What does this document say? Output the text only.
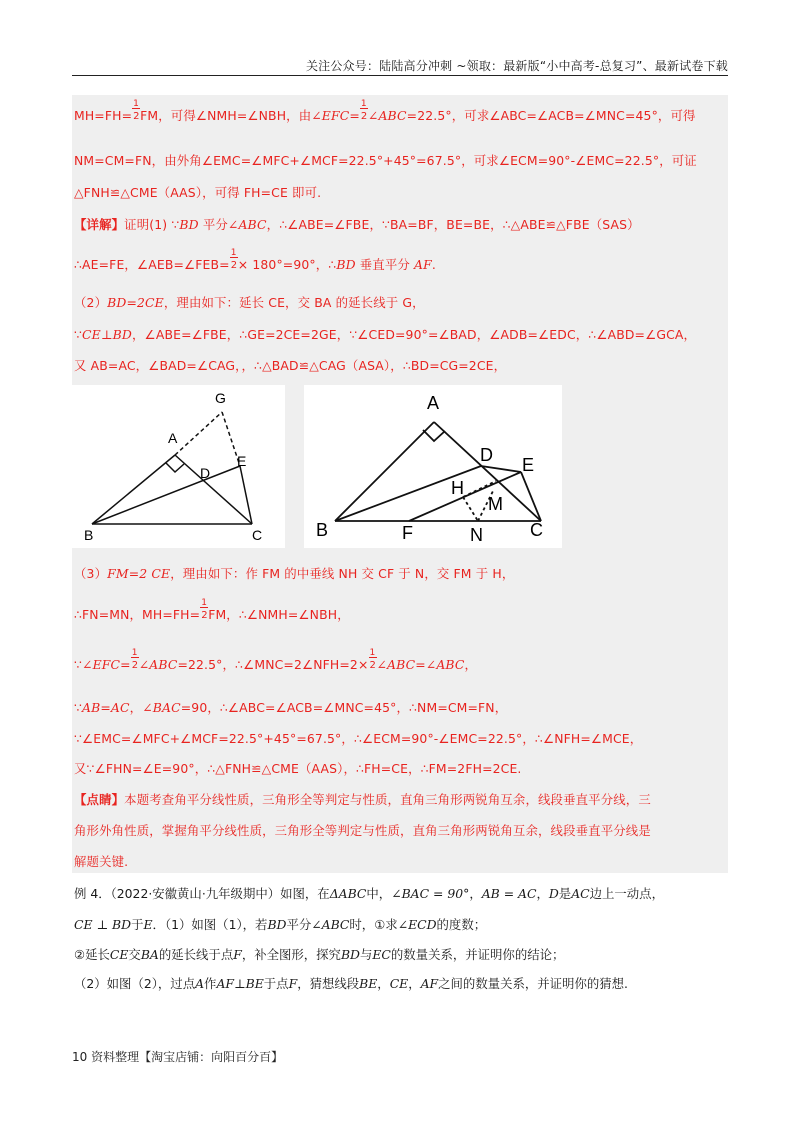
关注公众号：陆陆高分冲刺 ~领取：最新版“小中高考-总复习”、最新试卷下载
MH=FH=
1
2 FM，可得∠NMH=∠NBH，由∠EFC=
1
2 ∠ABC=22.5°，可求∠ABC=∠ACB=∠MNC=45°，可得
NM=CM=FN，由外角∠EMC=∠MFC+∠MCF=22.5°+45°=67.5°，可求∠ECM=90°-∠EMC=22.5°，可证
△FNH≌△CME（AAS），可得 FH=CE 即可.
【详解】证明(1) ∵BD 平分∠ABC，∴∠ABE=∠FBE，∵BA=BF，BE=BE，∴△ABE≌△FBE（SAS）
∴AE=FE，∠AEB=∠FEB=
1
2 × 180°=90°，∴BD 垂直平分 AF.
（2）BD=2CE，理由如下：延长 CE，交 BA 的延长线于 G，
∵CE⊥BD，∠ABE=∠FBE，∴GE=2CE=2GE，∵∠CED=90°=∠BAD，∠ADB=∠EDC，∴∠ABD=∠GCA，
又 AB=AC，∠BAD=∠CAG，，∴△BAD≌△CAG（ASA），∴BD=CG=2CE，
G
A
D
E
B	C
A
D E
H
M
B	F	N	C
（3）FM=2 CE，理由如下：作 FM 的中垂线 NH 交 CF 于 N，交 FM 于 H，
∴FN=MN，MH=FH=
1
2 FM，∴∠NMH=∠NBH，
∵∠EFC=
1
2 ∠ABC=22.5°，∴∠MNC=2∠NFH=2×
1
2 ∠ABC=∠ABC，
∵AB=AC，∠BAC=90，∴∠ABC=∠ACB=∠MNC=45°，∴NM=CM=FN，
∵∠EMC=∠MFC+∠MCF=22.5°+45°=67.5°，∴∠ECM=90°-∠EMC=22.5°，∴∠NFH=∠MCE，
又∵∠FHN=∠E=90°，∴△FNH≌△CME（AAS），∴FH=CE，∴FM=2FH=2CE.
【点睛】本题考查角平分线性质，三角形全等判定与性质，直角三角形两锐角互余，线段垂直平分线，三
角形外角性质，掌握角平分线性质，三角形全等判定与性质，直角三角形两锐角互余，线段垂直平分线是
解题关键.
例 4．（2022·安徽黄山·九年级期中）如图，在ΔABC中，∠BAC = 90°，AB = AC，D是AC边上一动点，
CE ⊥ BD于E．（1）如图（1），若BD平分∠ABC时，①求∠ECD的度数；
②延长CE交BA的延长线于点F，补全图形，探究BD与EC的数量关系，并证明你的结论；
（2）如图（2），过点A作AF⊥BE于点F，猜想线段BE，CE，AF之间的数量关系，并证明你的猜想.
10 资料整理【淘宝店铺：向阳百分百】
